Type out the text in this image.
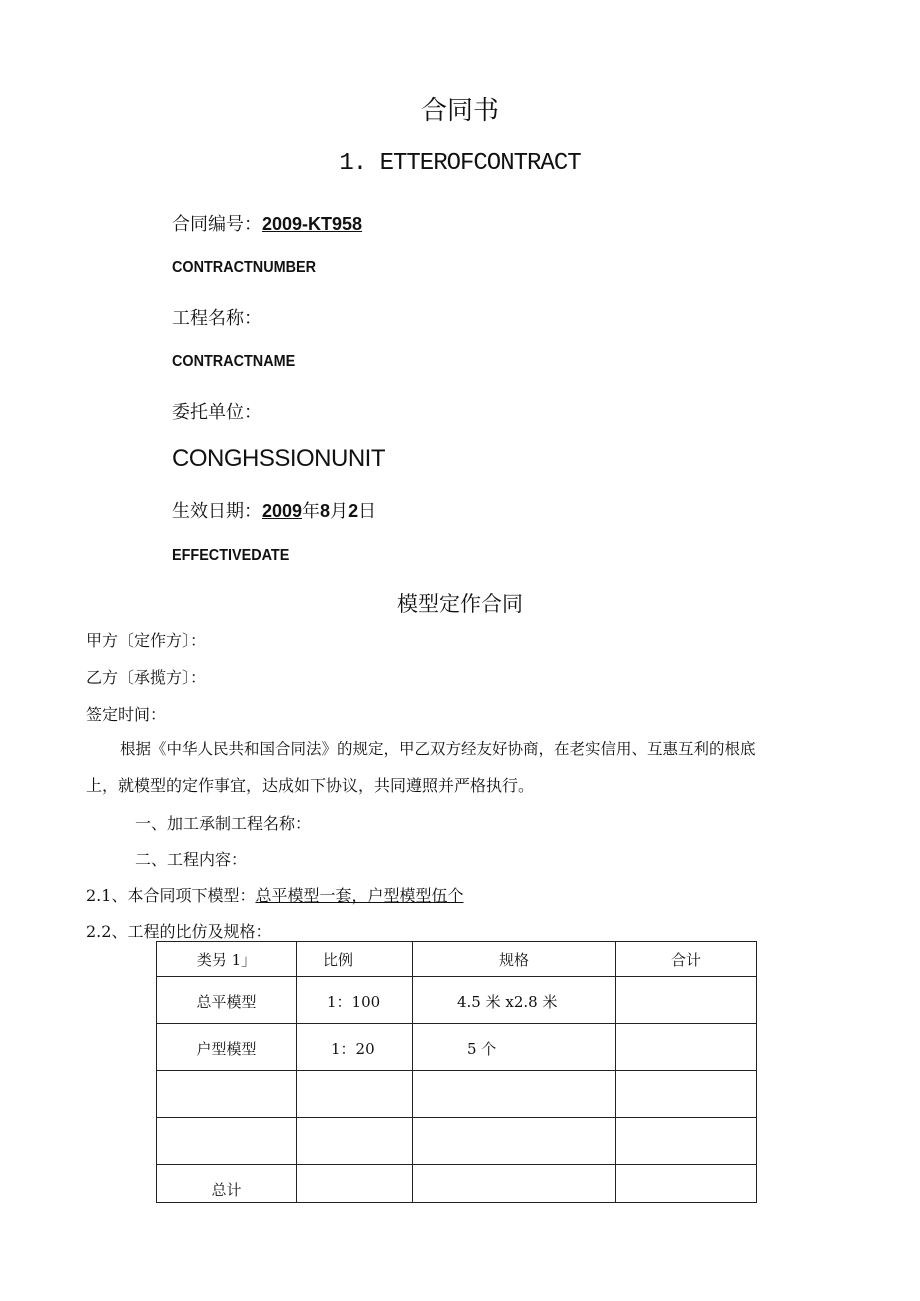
合同书
1. ETTEROFCONTRACT
合同编号：2009-KT958
CONTRACTNUMBER
工程名称：
CONTRACTNAME
委托单位：
CONGHSSIONUNIT
生效日期：2009年8月2日
EFFECTIVEDATE
模型定作合同
甲方〔定作方〕：
乙方〔承揽方〕：
签定时间：
根据《中华人民共和国合同法》的规定，甲乙双方经友好协商，在老实信用、互惠互利的根底
上，就模型的定作事宜，达成如下协议，共同遵照并严格执行。
一、加工承制工程名称：
二、工程内容：
2.1、本合同项下模型：总平模型一套，户型模型伍个
2.2、工程的比仿及规格：
类另 1」	比例	规格	合计
总平模型	1：100	4.5 米 x2.8 米	
户型模型	1：20	5 个	

总计			
